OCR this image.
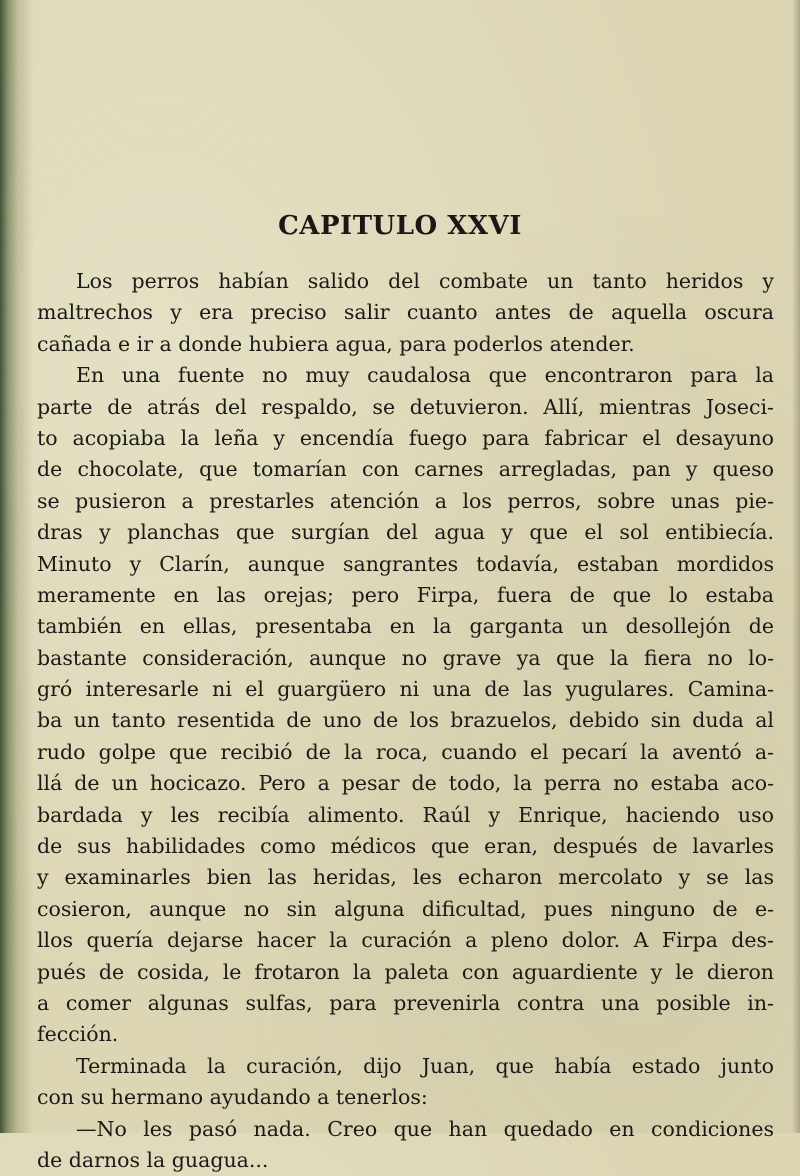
CAPITULO XXVI
Los perros habían salido del combate un tanto heridos y
maltrechos y era preciso salir cuanto antes de aquella oscura
cañada e ir a donde hubiera agua, para poderlos atender.
En una fuente no muy caudalosa que encontraron para la
parte de atrás del respaldo, se detuvieron. Allí, mientras Joseci-
to acopiaba la leña y encendía fuego para fabricar el desayuno
de chocolate, que tomarían con carnes arregladas, pan y queso
se pusieron a prestarles atención a los perros, sobre unas pie-
dras y planchas que surgían del agua y que el sol entibiecía.
Minuto y Clarín, aunque sangrantes todavía, estaban mordidos
meramente en las orejas; pero Firpa, fuera de que lo estaba
también en ellas, presentaba en la garganta un desollejón de
bastante consideración, aunque no grave ya que la fiera no lo-
gró interesarle ni el guargüero ni una de las yugulares. Camina-
ba un tanto resentida de uno de los brazuelos, debido sin duda al
rudo golpe que recibió de la roca, cuando el pecarí la aventó a-
llá de un hocicazo. Pero a pesar de todo, la perra no estaba aco-
bardada y les recibía alimento. Raúl y Enrique, haciendo uso
de sus habilidades como médicos que eran, después de lavarles
y examinarles bien las heridas, les echaron mercolato y se las
cosieron, aunque no sin alguna dificultad, pues ninguno de e-
llos quería dejarse hacer la curación a pleno dolor. A Firpa des-
pués de cosida, le frotaron la paleta con aguardiente y le dieron
a comer algunas sulfas, para prevenirla contra una posible in-
fección.
Terminada la curación, dijo Juan, que había estado junto
con su hermano ayudando a tenerlos:
—No les pasó nada. Creo que han quedado en condiciones
de darnos la guagua...
